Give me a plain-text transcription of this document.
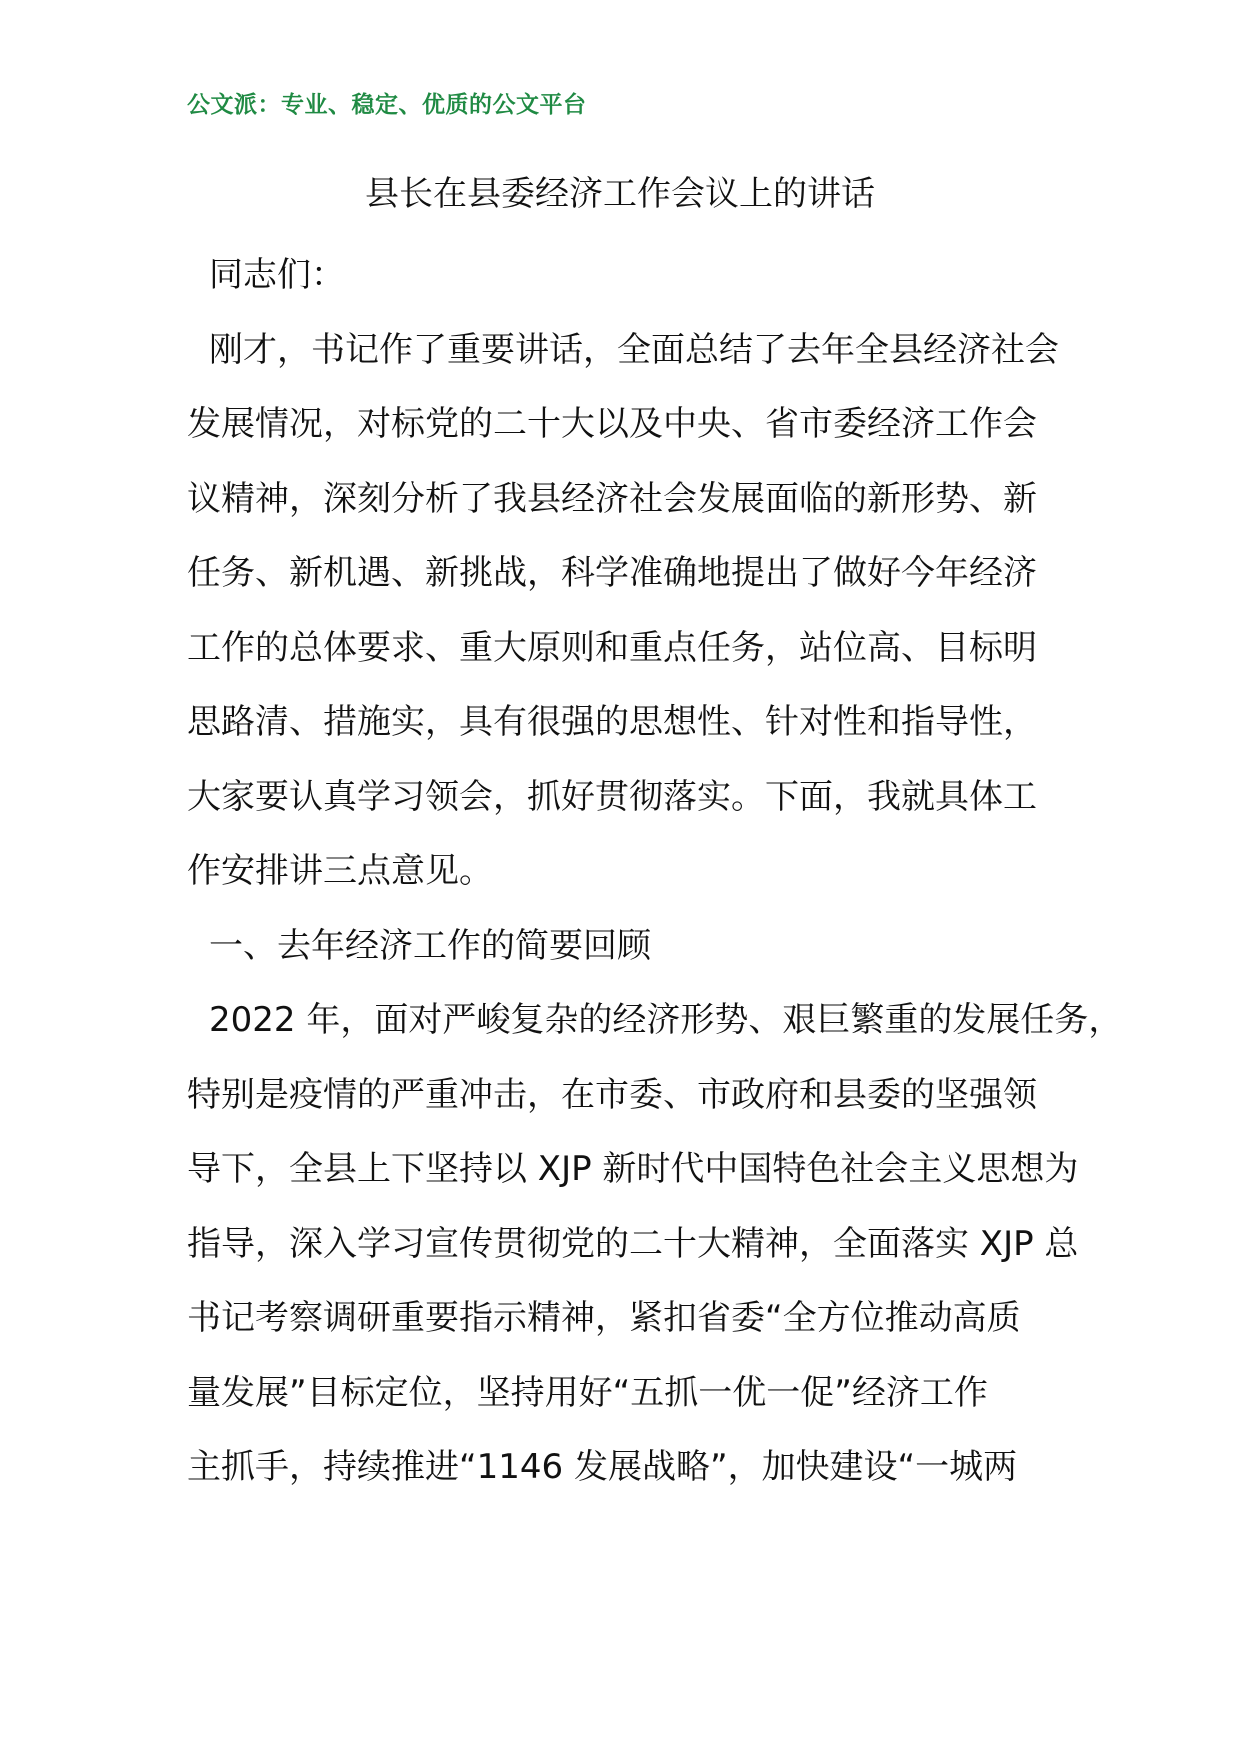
公文派：专业、稳定、优质的公文平台
县长在县委经济工作会议上的讲话
同志们：
刚才，书记作了重要讲话，全面总结了去年全县经济社会
发展情况，对标党的二十大以及中央、省市委经济工作会
议精神，深刻分析了我县经济社会发展面临的新形势、新
任务、新机遇、新挑战，科学准确地提出了做好今年经济
工作的总体要求、重大原则和重点任务，站位高、目标明
思路清、措施实，具有很强的思想性、针对性和指导性，
大家要认真学习领会，抓好贯彻落实。下面，我就具体工
作安排讲三点意见。
一、去年经济工作的简要回顾
2022 年，面对严峻复杂的经济形势、艰巨繁重的发展任务，
特别是疫情的严重冲击，在市委、市政府和县委的坚强领
导下，全县上下坚持以 XJP 新时代中国特色社会主义思想为
指导，深入学习宣传贯彻党的二十大精神，全面落实 XJP 总
书记考察调研重要指示精神，紧扣省委“全方位推动高质
量发展”目标定位，坚持用好“五抓一优一促”经济工作
主抓手，持续推进“1146 发展战略”，加快建设“一城两
